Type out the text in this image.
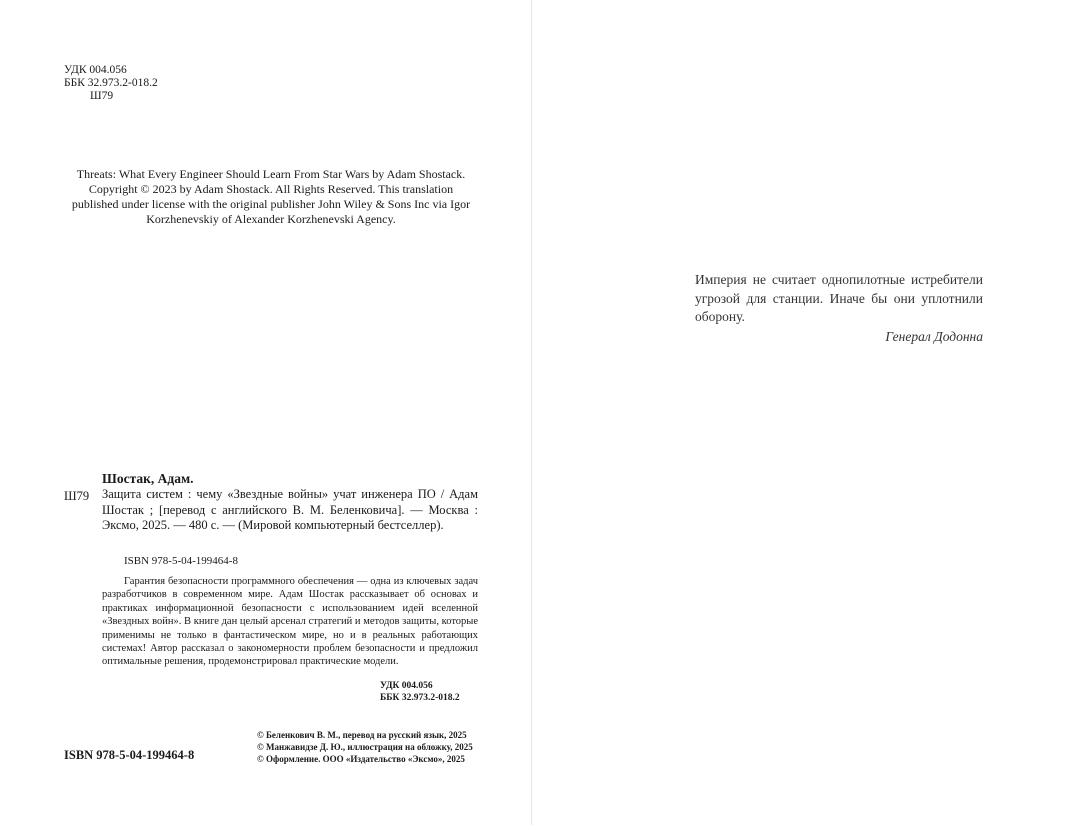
УДК 004.056
ББК 32.973.2-018.2
Ш79
Threats: What Every Engineer Should Learn From Star Wars by Adam Shostack.
Copyright © 2023 by Adam Shostack. All Rights Reserved. This translation
published under license with the original publisher John Wiley & Sons Inc via Igor
Korzhenevskiy of Alexander Korzhenevski Agency.
Шостак, Адам.
Ш79 Защита систем : чему «Звездные войны» учат инженера ПО / Адам Шостак ; [перевод с английского В. М. Беленковича]. — Москва : Эксмо, 2025. — 480 с. — (Мировой компьютерный бестселлер).
ISBN 978-5-04-199464-8
Гарантия безопасности программного обеспечения — одна из ключевых задач разработчиков в современном мире. Адам Шостак рассказывает об основах и практиках информационной безопасности с использованием идей вселенной «Звездных войн». В книге дан целый арсенал стратегий и методов защиты, которые применимы не только в фантастическом мире, но и в реальных работающих системах! Автор рассказал о закономерности проблем безопасности и предложил оптимальные решения, продемонстрировал практические модели.
УДК 004.056
ББК 32.973.2-018.2
© Беленкович В. М., перевод на русский язык, 2025
© Манжавидзе Д. Ю., иллюстрация на обложку, 2025
© Оформление. ООО «Издательство «Эксмо», 2025
ISBN 978-5-04-199464-8
Империя не считает однопилотные истребители угрозой для станции. Иначе бы они уплотнили оборону.
Генерал Додонна
